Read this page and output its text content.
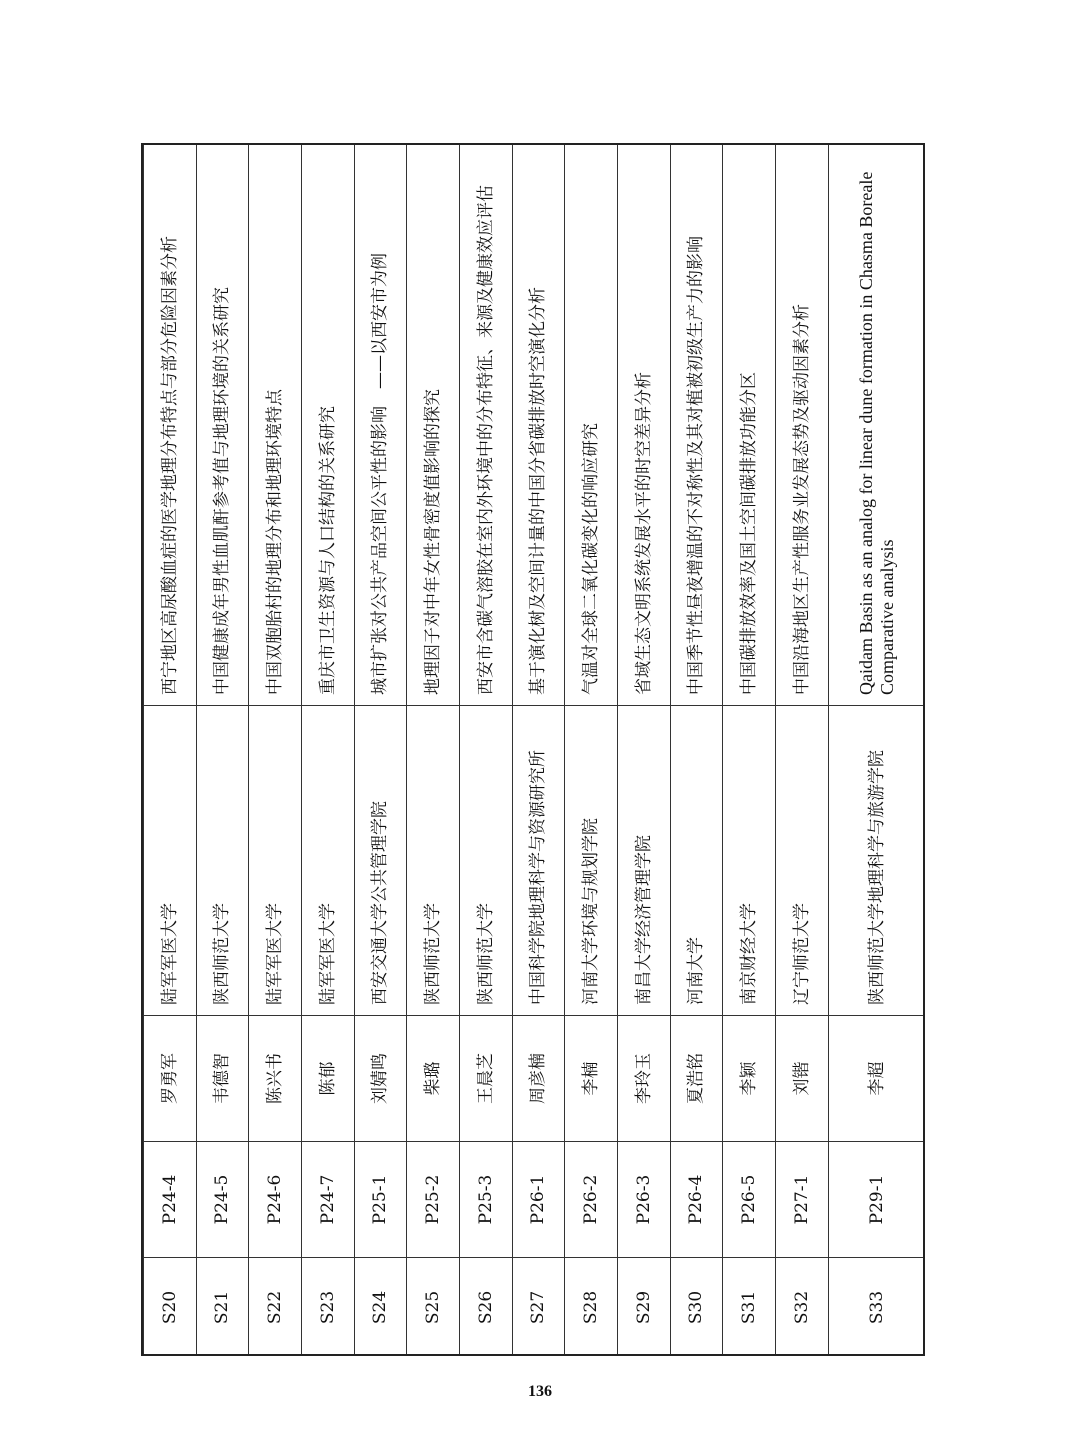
S20	P24-4	罗勇军	陆军军医大学	西宁地区高尿酸血症的医学地理分布特点与部分危险因素分析
S21	P24-5	韦德智	陕西师范大学	中国健康成年男性血肌酐参考值与地理环境的关系研究
S22	P24-6	陈兴书	陆军军医大学	中国双胞胎村的地理分布和地理环境特点
S23	P24-7	陈郁	陆军军医大学	重庆市卫生资源与人口结构的关系研究
S24	P25-1	刘婧鸣	西安交通大学公共管理学院	城市扩张对公共产品空间公平性的影响　——以西安市为例
S25	P25-2	柴璐	陕西师范大学	地理因子对中年女性骨密度值影响的探究
S26	P25-3	王晨芝	陕西师范大学	西安市含碳气溶胶在室内外环境中的分布特征、来源及健康效应评估
S27	P26-1	周彦楠	中国科学院地理科学与资源研究所	基于演化树及空间计量的中国分省碳排放时空演化分析
S28	P26-2	李楠	河南大学环境与规划学院	气温对全球二氧化碳变化的响应研究
S29	P26-3	李玲玉	南昌大学经济管理学院	省域生态文明系统发展水平的时空差异分析
S30	P26-4	夏浩铭	河南大学	中国季节性昼夜增温的不对称性及其对植被初级生产力的影响
S31	P26-5	李颖	南京财经大学	中国碳排放效率及国土空间碳排放功能分区
S32	P27-1	刘锴	辽宁师范大学	中国沿海地区生产性服务业发展态势及驱动因素分析
S33	P29-1	李超	陕西师范大学地理科学与旅游学院	Qaidam Basin as an analog for linear dune formation in Chasma Boreale Comparative analysis
136
